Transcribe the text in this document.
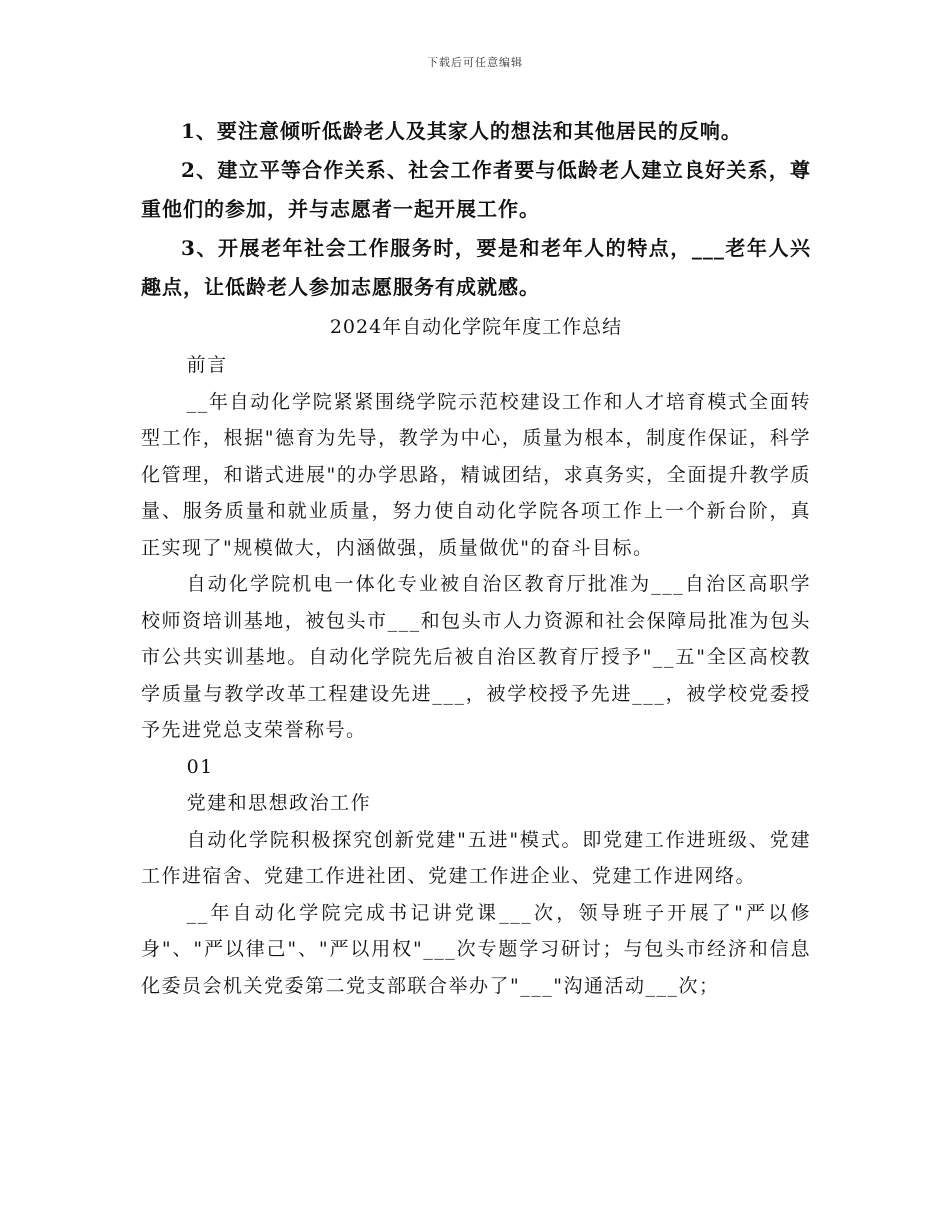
下载后可任意编辑

1、要注意倾听低龄老人及其家人的想法和其他居民的反响。

2、建立平等合作关系、社会工作者要与低龄老人建立良好关系，尊重他们的参加，并与志愿者一起开展工作。

3、开展老年社会工作服务时，要是和老年人的特点，___老年人兴趣点，让低龄老人参加志愿服务有成就感。

2024年自动化学院年度工作总结

前言

__年自动化学院紧紧围绕学院示范校建设工作和人才培育模式全面转型工作，根据"德育为先导，教学为中心，质量为根本，制度作保证，科学化管理，和谐式进展"的办学思路，精诚团结，求真务实，全面提升教学质量、服务质量和就业质量，努力使自动化学院各项工作上一个新台阶，真正实现了"规模做大，内涵做强，质量做优"的奋斗目标。

自动化学院机电一体化专业被自治区教育厅批准为___自治区高职学校师资培训基地，被包头市___和包头市人力资源和社会保障局批准为包头市公共实训基地。自动化学院先后被自治区教育厅授予"__五"全区高校教学质量与教学改革工程建设先进___，被学校授予先进___，被学校党委授予先进党总支荣誉称号。

01

党建和思想政治工作

自动化学院积极探究创新党建"五进"模式。即党建工作进班级、党建工作进宿舍、党建工作进社团、党建工作进企业、党建工作进网络。

__年自动化学院完成书记讲党课___次，领导班子开展了"严以修身"、"严以律己"、"严以用权"___次专题学习研讨；与包头市经济和信息化委员会机关党委第二党支部联合举办了"___"沟通活动___次；
